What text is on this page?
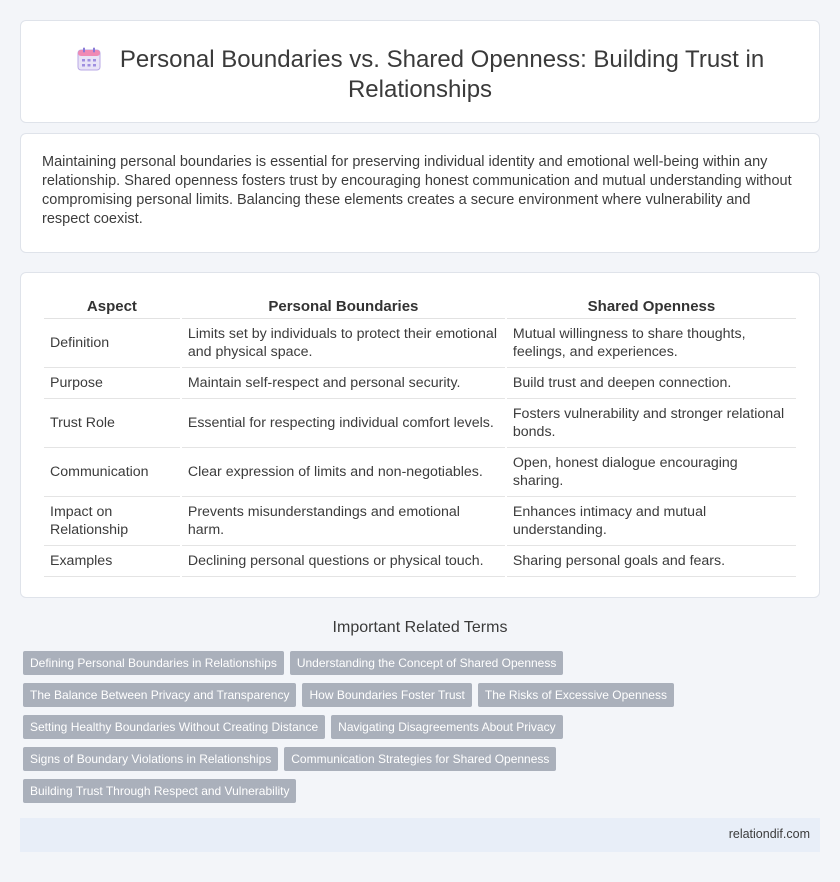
Personal Boundaries vs. Shared Openness: Building Trust in Relationships

Maintaining personal boundaries is essential for preserving individual identity and emotional well-being within any relationship. Shared openness fosters trust by encouraging honest communication and mutual understanding without compromising personal limits. Balancing these elements creates a secure environment where vulnerability and respect coexist.

Aspect	Personal Boundaries	Shared Openness
Definition	Limits set by individuals to protect their emotional and physical space.	Mutual willingness to share thoughts, feelings, and experiences.
Purpose	Maintain self-respect and personal security.	Build trust and deepen connection.
Trust Role	Essential for respecting individual comfort levels.	Fosters vulnerability and stronger relational bonds.
Communication	Clear expression of limits and non-negotiables.	Open, honest dialogue encouraging sharing.
Impact on Relationship	Prevents misunderstandings and emotional harm.	Enhances intimacy and mutual understanding.
Examples	Declining personal questions or physical touch.	Sharing personal goals and fears.
Important Related Terms
Defining Personal Boundaries in Relationships Understanding the Concept of Shared Openness
The Balance Between Privacy and Transparency How Boundaries Foster Trust The Risks of Excessive Openness
Setting Healthy Boundaries Without Creating Distance Navigating Disagreements About Privacy
Signs of Boundary Violations in Relationships Communication Strategies for Shared Openness
Building Trust Through Respect and Vulnerability
relationdif.com
